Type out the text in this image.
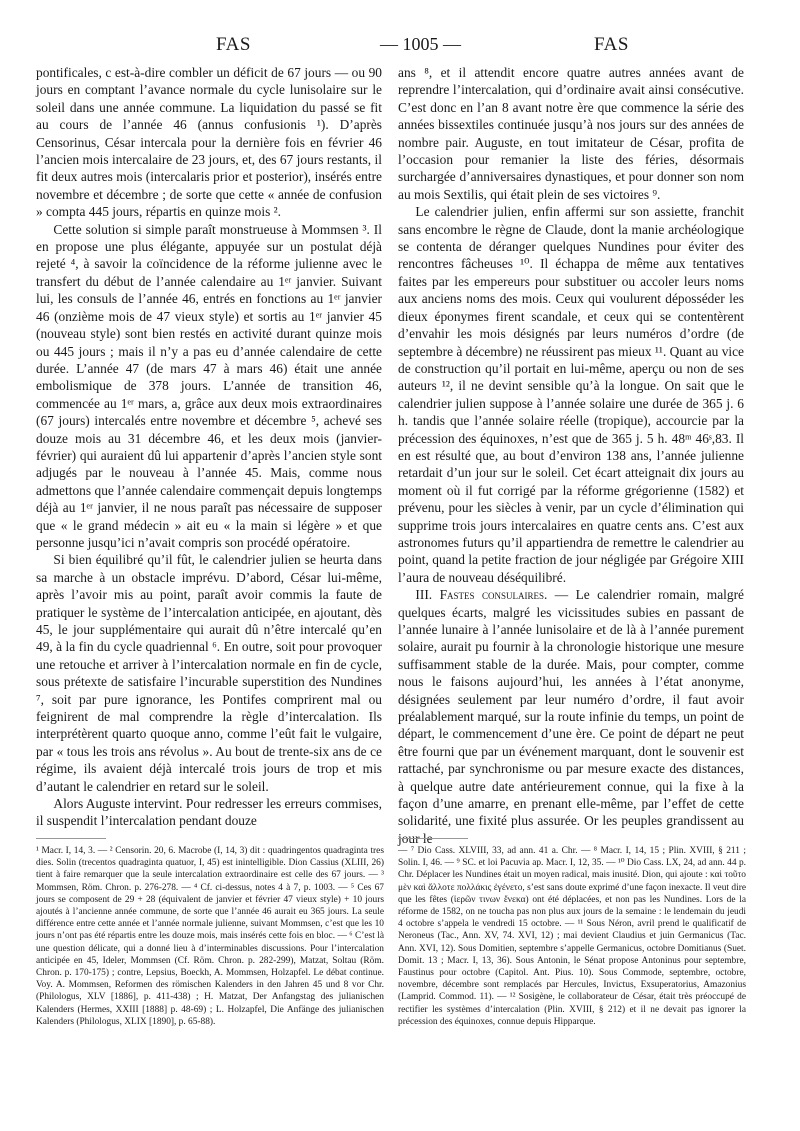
FAS	— 1005 —	FAS

pontificales, c est-à-dire combler un déficit de 67 jours — ou 90 jours en comptant l’avance normale du cycle lunisolaire sur le soleil dans une année commune. La liquidation du passé se fit au cours de l’année 46 (annus confusionis ¹). D’après Censorinus, César intercala pour la dernière fois en février 46 l’ancien mois intercalaire de 23 jours, et, des 67 jours restants, il fit deux autres mois (intercalaris prior et posterior), insérés entre novembre et décembre ; de sorte que cette « année de confusion » compta 445 jours, répartis en quinze mois ².

Cette solution si simple paraît monstrueuse à Mommsen ³. Il en propose une plus élégante, appuyée sur un postulat déjà rejeté ⁴, à savoir la coïncidence de la réforme julienne avec le transfert du début de l’année calendaire au 1ᵉʳ janvier. Suivant lui, les consuls de l’année 46, entrés en fonctions au 1ᵉʳ janvier 46 (onzième mois de 47 vieux style) et sortis au 1ᵉʳ janvier 45 (nouveau style) sont bien restés en activité durant quinze mois ou 445 jours ; mais il n’y a pas eu d’année calendaire de cette durée. L’année 47 (de mars 47 à mars 46) était une année embolismique de 378 jours. L’année de transition 46, commencée au 1ᵉʳ mars, a, grâce aux deux mois extraordinaires (67 jours) intercalés entre novembre et décembre ⁵, achevé ses douze mois au 31 décembre 46, et les deux mois (janvier-février) qui auraient dû lui appartenir d’après l’ancien style sont adjugés par le nouveau à l’année 45. Mais, comme nous admettons que l’année calendaire commençait depuis longtemps déjà au 1ᵉʳ janvier, il ne nous paraît pas nécessaire de supposer que « le grand médecin » ait eu « la main si légère » et que personne jusqu’ici n’avait compris son procédé opératoire.

Si bien équilibré qu’il fût, le calendrier julien se heurta dans sa marche à un obstacle imprévu. D’abord, César lui-même, après l’avoir mis au point, paraît avoir commis la faute de pratiquer le système de l’intercalation anticipée, en ajoutant, dès 45, le jour supplémentaire qui aurait dû n’être intercalé qu’en 49, à la fin du cycle quadriennal ⁶. En outre, soit pour provoquer une retouche et arriver à l’intercalation normale en fin de cycle, sous prétexte de satisfaire l’incurable superstition des Nundines ⁷, soit par pure ignorance, les Pontifes comprirent mal ou feignirent de mal comprendre la règle d’intercalation. Ils interprétèrent quarto quoque anno, comme l’eût fait le vulgaire, par « tous les trois ans révolus ». Au bout de trente-six ans de ce régime, ils avaient déjà intercalé trois jours de trop et mis d’autant le calendrier en retard sur le soleil.

Alors Auguste intervint. Pour redresser les erreurs commises, il suspendit l’intercalation pendant douze

ans ⁸, et il attendit encore quatre autres années avant de reprendre l’intercalation, qui d’ordinaire avait ainsi consécutive. C’est donc en l’an 8 avant notre ère que commence la série des années bissextiles continuée jusqu’à nos jours sur des années de nombre pair. Auguste, en tout imitateur de César, profita de l’occasion pour remanier la liste des féries, désormais surchargée d’anniversaires dynastiques, et pour donner son nom au mois Sextilis, qui était plein de ses victoires ⁹.

Le calendrier julien, enfin affermi sur son assiette, franchit sans encombre le règne de Claude, dont la manie archéologique se contenta de déranger quelques Nundines pour éviter des rencontres fâcheuses ¹⁰. Il échappa de même aux tentatives faites par les empereurs pour substituer ou accoler leurs noms aux anciens noms des mois. Ceux qui voulurent déposséder les dieux éponymes firent scandale, et ceux qui se contentèrent d’envahir les mois désignés par leurs numéros d’ordre (de septembre à décembre) ne réussirent pas mieux ¹¹. Quant au vice de construction qu’il portait en lui-même, aperçu ou non de ses auteurs ¹², il ne devint sensible qu’à la longue. On sait que le calendrier julien suppose à l’année solaire une durée de 365 j. 6 h. tandis que l’année solaire réelle (tropique), accourcie par la précession des équinoxes, n’est que de 365 j. 5 h. 48ᵐ 46ˢ,83. Il en est résulté que, au bout d’environ 138 ans, l’année julienne retardait d’un jour sur le soleil. Cet écart atteignait dix jours au moment où il fut corrigé par la réforme grégorienne (1582) et prévenu, pour les siècles à venir, par un cycle d’élimination qui supprime trois jours intercalaires en quatre cents ans. C’est aux astronomes futurs qu’il appartiendra de remettre le calendrier au point, quand la petite fraction de jour négligée par Grégoire XIII l’aura de nouveau déséquilibré.

III. Fastes consulaires. — Le calendrier romain, malgré quelques écarts, malgré les vicissitudes subies en passant de l’année lunaire à l’année lunisolaire et de là à l’année purement solaire, aurait pu fournir à la chronologie historique une mesure suffisamment stable de la durée. Mais, pour compter, comme nous le faisons aujourd’hui, les années à l’état anonyme, désignées seulement par leur numéro d’ordre, il faut avoir préalablement marqué, sur la route infinie du temps, un point de départ, le commencement d’une ère. Ce point de départ ne peut être fourni que par un événement marquant, dont le souvenir est rattaché, par synchronisme ou par mesure exacte des distances, à quelque autre date antérieurement connue, qui la fixe à la façon d’une amarre, en prenant elle-même, par l’effet de cette solidarité, une fixité plus assurée. Or les peuples grandissent au jour le

¹ Macr. I, 14, 3. — ² Censorin. 20, 6. Macrobe (I, 14, 3) dit : quadringentos quadraginta tres dies. Solin (trecentos quadraginta quatuor, I, 45) est inintelligible. Dion Cassius (XLIII, 26) tient à faire remarquer que la seule intercalation extraordinaire est celle des 67 jours. — ³ Mommsen, Röm. Chron. p. 276-278. — ⁴ Cf. ci-dessus, notes 4 à 7, p. 1003. — ⁵ Ces 67 jours se composent de 29 + 28 (équivalent de janvier et février 47 vieux style) + 10 jours ajoutés à l’ancienne année commune, de sorte que l’année 46 aurait eu 365 jours. La seule différence entre cette année et l’année normale julienne, suivant Mommsen, c’est que les 10 jours n’ont pas été répartis entre les douze mois, mais insérés cette fois en bloc. — ⁶ C’est là une question délicate, qui a donné lieu à d’interminables discussions. Pour l’intercalation anticipée en 45, Ideler, Mommsen (Cf. Röm. Chron. p. 282-299), Matzat, Soltau (Röm. Chron. p. 170-175) ; contre, Lepsius, Boeckh, A. Mommsen, Holzapfel. Le débat continue. Voy. A. Mommsen, Reformen des römischen Kalenders in den Jahren 45 und 8 vor Chr. (Philologus, XLV [1886], p. 411-438) ; H. Matzat, Der Anfangstag des julianischen Kalenders (Hermes, XXIII [1888] p. 48-69) ; L. Holzapfel, Die Anfänge des julianischen Kalenders (Philologus, XLIX [1890], p. 65-88).
— ⁷ Dio Cass. XLVIII, 33, ad ann. 41 a. Chr. — ⁸ Macr. I, 14, 15 ; Plin. XVIII, § 211 ; Solin. I, 46. — ⁹ SC. et loi Pacuvia ap. Macr. I, 12, 35. — ¹⁰ Dio Cass. LX, 24, ad ann. 44 p. Chr. Déplacer les Nundines était un moyen radical, mais inusité. Dion, qui ajoute : καὶ τοῦτο μὲν καὶ ἄλλοτε πολλάκις ἐγένετο, s’est sans doute exprimé d’une façon inexacte. Il veut dire que les fêtes (ἱερῶν τινων ἕνεκα) ont été déplacées, et non pas les Nundines. Lors de la réforme de 1582, on ne toucha pas non plus aux jours de la semaine : le lendemain du jeudi 4 octobre s’appela le vendredi 15 octobre. — ¹¹ Sous Néron, avril prend le qualificatif de Neroneus (Tac., Ann. XV, 74. XVI, 12) ; mai devient Claudius et juin Germanicus (Tac. Ann. XVI, 12). Sous Domitien, septembre s’appelle Germanicus, octobre Domitianus (Suet. Domit. 13 ; Macr. I, 13, 36). Sous Antonin, le Sénat propose Antoninus pour septembre, Faustinus pour octobre (Capitol. Ant. Pius. 10). Sous Commode, septembre, octobre, novembre, décembre sont remplacés par Hercules, Invictus, Exsuperatorius, Amazonius (Lamprid. Commod. 11). — ¹² Sosigène, le collaborateur de César, était très préoccupé de rectifier les systèmes d’intercalation (Plin. XVIII, § 212) et il ne devait pas ignorer la précession des équinoxes, connue depuis Hipparque.
